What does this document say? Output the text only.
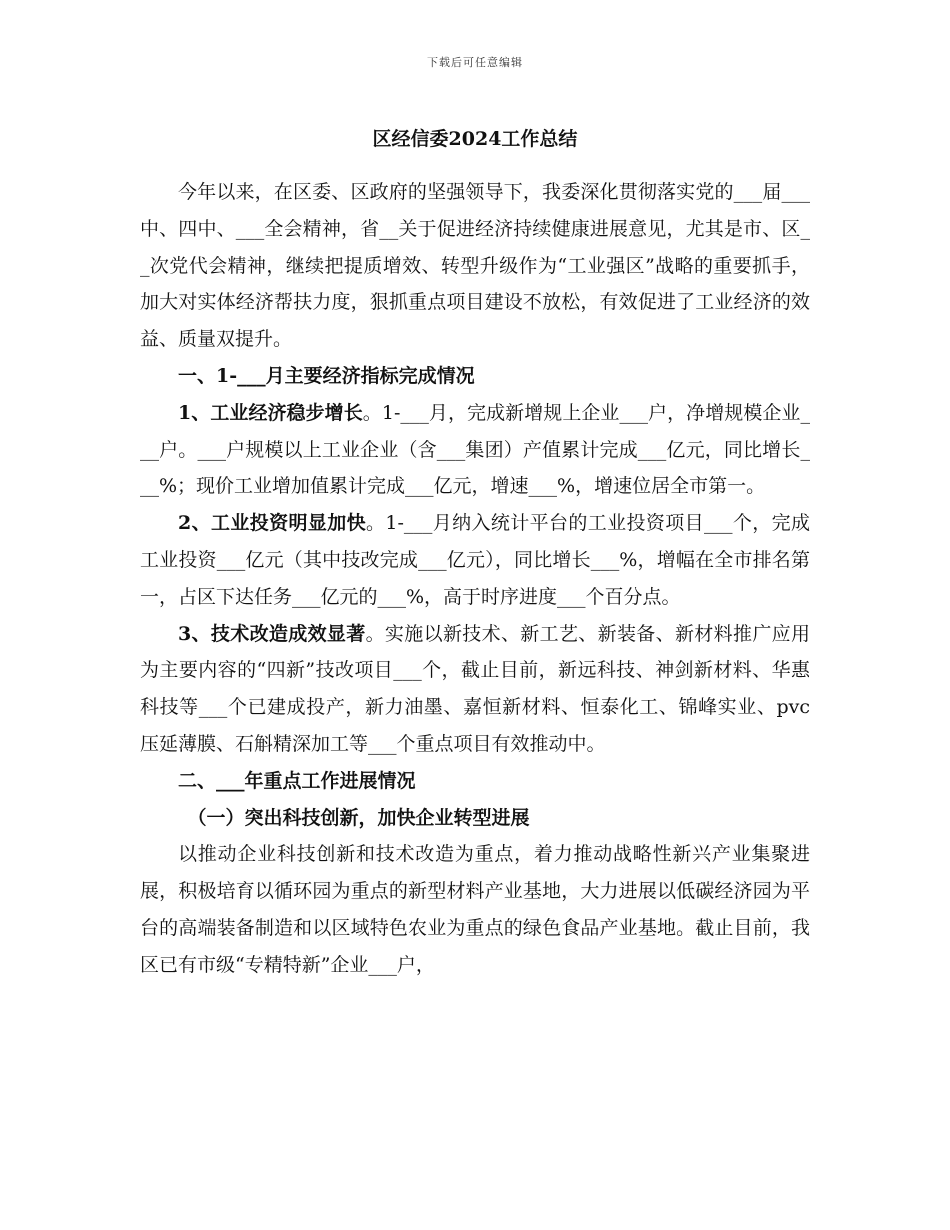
下载后可任意编辑
区经信委2024工作总结

今年以来，在区委、区政府的坚强领导下，我委深化贯彻落实党的___届___中、四中、___全会精神，省__关于促进经济持续健康进展意见，尤其是市、区__次党代会精神，继续把提质增效、转型升级作为“工业强区”战略的重要抓手，加大对实体经济帮扶力度，狠抓重点项目建设不放松，有效促进了工业经济的效益、质量双提升。

一、1-___月主要经济指标完成情况

1、工业经济稳步增长。1-___月，完成新增规上企业___户，净增规模企业___户。___户规模以上工业企业（含___集团）产值累计完成___亿元，同比增长___%；现价工业增加值累计完成___亿元，增速___%，增速位居全市第一。

2、工业投资明显加快。1-___月纳入统计平台的工业投资项目___个，完成工业投资___亿元（其中技改完成___亿元），同比增长___%，增幅在全市排名第一，占区下达任务___亿元的___%，高于时序进度___个百分点。

3、技术改造成效显著。实施以新技术、新工艺、新装备、新材料推广应用为主要内容的“四新”技改项目___个，截止目前，新远科技、神剑新材料、华惠科技等___个已建成投产，新力油墨、嘉恒新材料、恒泰化工、锦峰实业、pvc压延薄膜、石斛精深加工等___个重点项目有效推动中。

二、___年重点工作进展情况

（一）突出科技创新，加快企业转型进展

以推动企业科技创新和技术改造为重点，着力推动战略性新兴产业集聚进展，积极培育以循环园为重点的新型材料产业基地，大力进展以低碳经济园为平台的高端装备制造和以区域特色农业为重点的绿色食品产业基地。截止目前，我区已有市级“专精特新”企业___户，
